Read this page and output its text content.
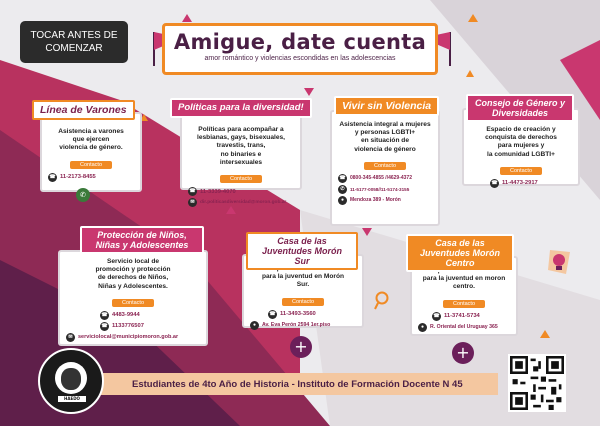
TOCAR ANTES DE
COMENZAR	Amigue, date cuenta
amor romántico y violencias escondidas en las adolescencias
Asistencia a varones
que ejercen
violencia de género.
Contacto
☎ 11-2173-8455
Línea de Varones
✆
Políticas para acompañar a
lesbianas, gays, bisexuales,
travestis, trans,
no binaries e
intersexuales
Contacto
☎ 11-3339-4070
✉	dir.politicasdiversidad@moron.gob.ar
Políticas para la diversidad!
Asistencia integral a mujeres
y personas LGBTI+
en situación de
violencia de género
Contacto
☎ 0800-345-4855 //4629-4372
✆	11-5177-0058//11-5174-3155
●	Mendoza 389 - Morón
Vivir sin Violencia
Espacio de creación y
conquista de derechos
para mujeres y
la comunidad LGBTI+
Contacto
☎ 11-4473-2917
Consejo de Género y Diversidades
Servicio local de
promoción y protección
de derechos de Niños,
Niñas y Adolescentes.
Contacto
☎ 4483-9944
☎ 1133776507
✉ serviciolocal@municipiomoron.gob.ar
Protección de Niños, Niñas y Adolescentes
para la juventud en Morón
Sur.
Contacto
☎ 11-3493-3560
●	Av. Eva Perón 2594 1er.piso
Casa de las Juventudes Morón Sur
+
para la juventud en moron
centro.
Contacto
☎ 11-3741-5734
●	R. Oriental del Uruguay 365
Casa de las Juventudes Morón Centro
+
Estudiantes de 4to Año de Historia - Instituto de Formación Docente N 45
HAEDO
